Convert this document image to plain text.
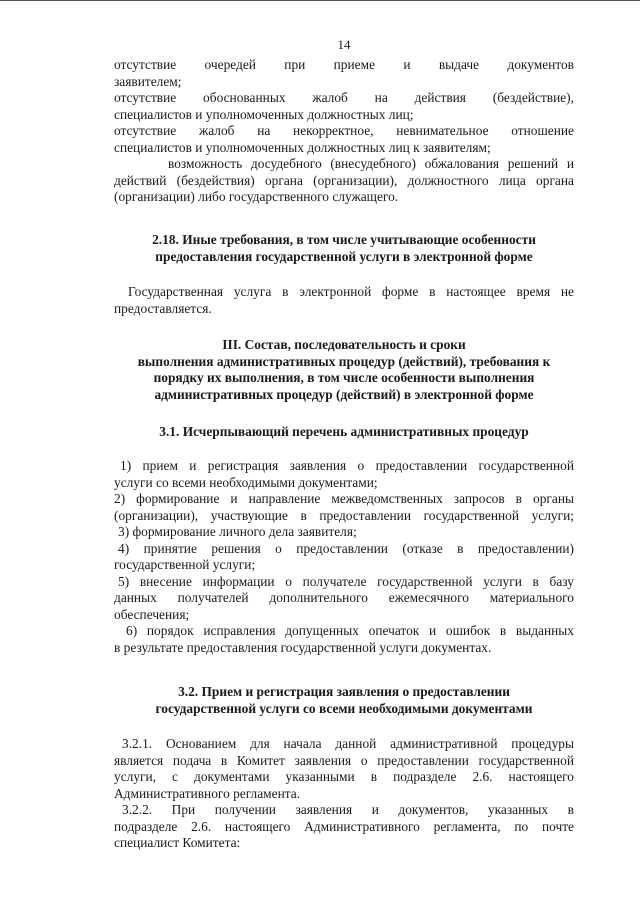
14

отсутствие очередей при приеме и выдаче документов

заявителем;

отсутствие обоснованных жалоб на действия (бездействие),

специалистов и уполномоченных должностных лиц;

отсутствие жалоб на некорректное, невнимательное отношение

специалистов и уполномоченных должностных лиц к заявителям;

возможность досудебного (внесудебного) обжалования решений и

действий (бездействия) органа (организации), должностного лица органа

(организации) либо государственного служащего.

2.18. Иные требования, в том числе учитывающие особенности

предоставления государственной услуги в электронной форме

Государственная услуга в электронной форме в настоящее время не

предоставляется.

III. Состав, последовательность и сроки

выполнения административных процедур (действий), требования к

порядку их выполнения, в том числе особенности выполнения

административных процедур (действий) в электронной форме

3.1. Исчерпывающий перечень административных процедур

1) прием и регистрация заявления о предоставлении государственной

услуги со всеми необходимыми документами;

2) формирование и направление межведомственных запросов в органы

(организации), участвующие в предоставлении государственной услуги;

3) формирование личного дела заявителя;

4) принятие решения о предоставлении (отказе в предоставлении)

государственной услуги;

5) внесение информации о получателе государственной услуги в базу

данных получателей дополнительного ежемесячного материального

обеспечения;

6) порядок исправления допущенных опечаток и ошибок в выданных

в результате предоставления государственной услуги документах.

3.2. Прием и регистрация заявления о предоставлении

государственной услуги со всеми необходимыми документами

3.2.1. Основанием для начала данной административной процедуры

является подача в Комитет заявления о предоставлении государственной

услуги, с документами указанными в подразделе 2.6. настоящего

Административного регламента.

3.2.2. При получении заявления и документов, указанных в

подразделе 2.6. настоящего Административного регламента, по почте

специалист Комитета:
